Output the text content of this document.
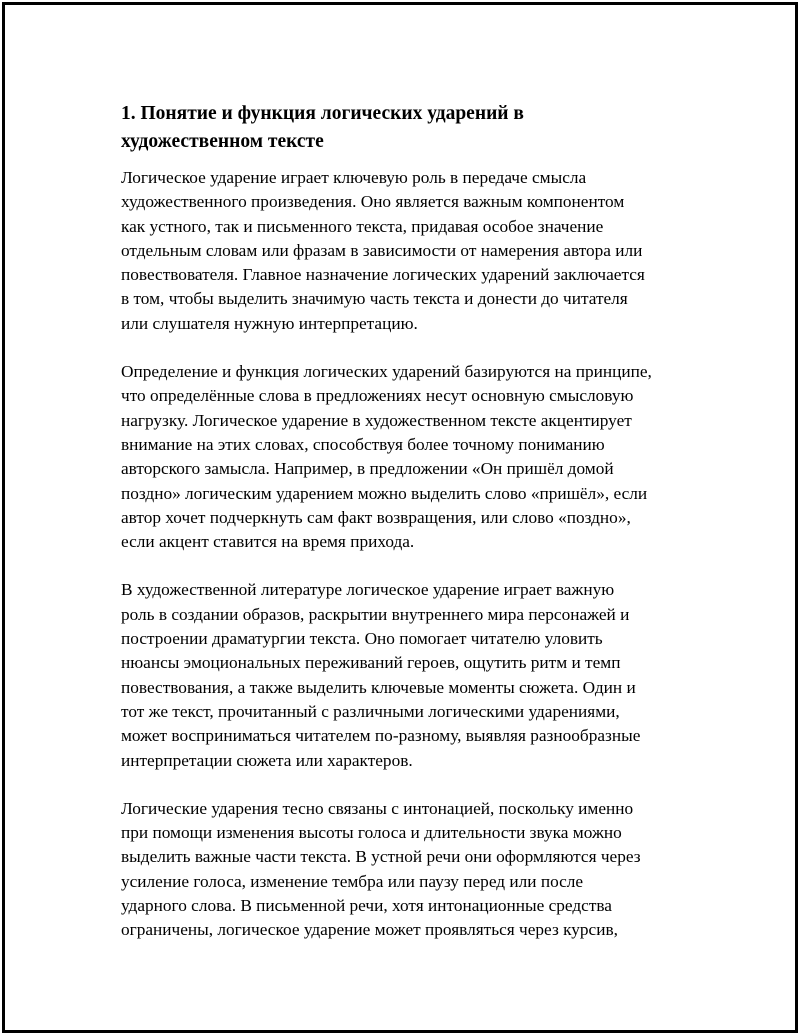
1. Понятие и функция логических ударений в художественном тексте

Логическое ударение играет ключевую роль в передаче смысла
художественного произведения. Оно является важным компонентом
как устного, так и письменного текста, придавая особое значение
отдельным словам или фразам в зависимости от намерения автора или
повествователя. Главное назначение логических ударений заключается
в том, чтобы выделить значимую часть текста и донести до читателя
или слушателя нужную интерпретацию.

Определение и функция логических ударений базируются на принципе,
что определённые слова в предложениях несут основную смысловую
нагрузку. Логическое ударение в художественном тексте акцентирует
внимание на этих словах, способствуя более точному пониманию
авторского замысла. Например, в предложении «Он пришёл домой
поздно» логическим ударением можно выделить слово «пришёл», если
автор хочет подчеркнуть сам факт возвращения, или слово «поздно»,
если акцент ставится на время прихода.

В художественной литературе логическое ударение играет важную
роль в создании образов, раскрытии внутреннего мира персонажей и
построении драматургии текста. Оно помогает читателю уловить
нюансы эмоциональных переживаний героев, ощутить ритм и темп
повествования, а также выделить ключевые моменты сюжета. Один и
тот же текст, прочитанный с различными логическими ударениями,
может восприниматься читателем по-разному, выявляя разнообразные
интерпретации сюжета или характеров.

Логические ударения тесно связаны с интонацией, поскольку именно
при помощи изменения высоты голоса и длительности звука можно
выделить важные части текста. В устной речи они оформляются через
усиление голоса, изменение тембра или паузу перед или после
ударного слова. В письменной речи, хотя интонационные средства
ограничены, логическое ударение может проявляться через курсив,
